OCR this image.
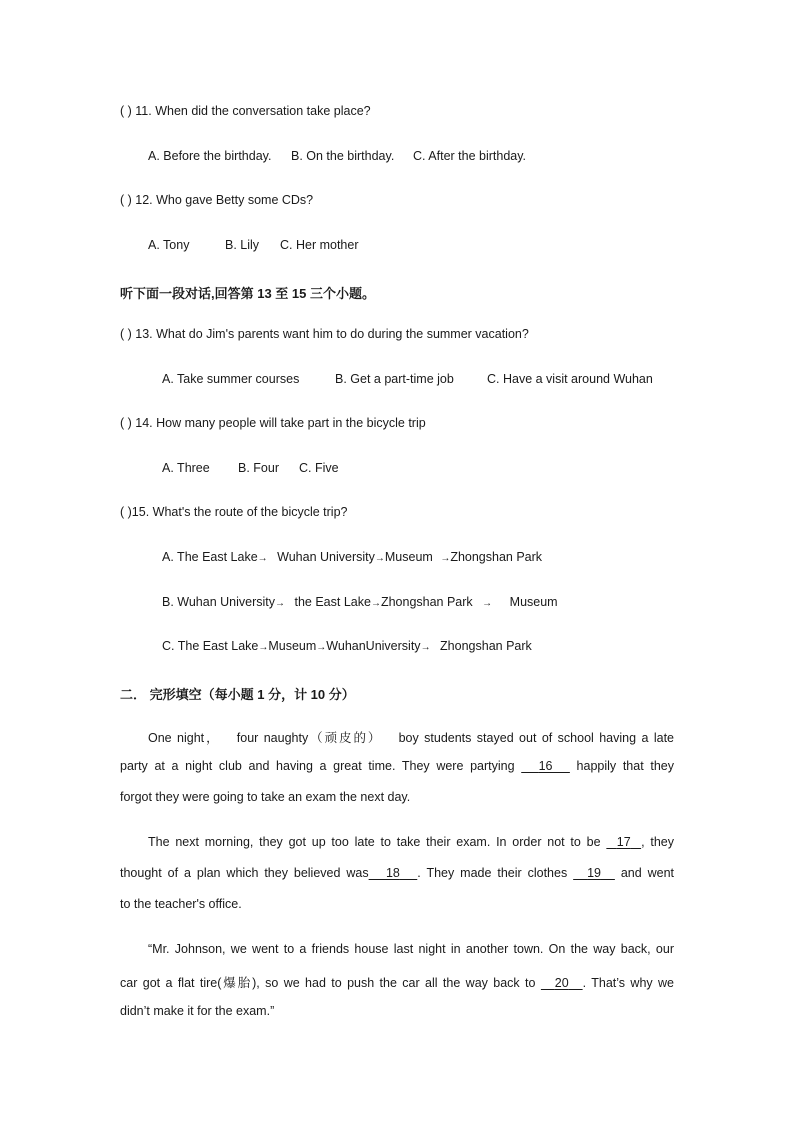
( ) 11. When did the conversation take place?
A. Before the birthday. B. On the birthday. C. After the birthday.
( ) 12. Who gave Betty some CDs?
A. Tony	B. Lily C. Her mother
听下面一段对话,回答第 13 至 15 三个小题。
( ) 13. What do Jim's parents want him to do during the summer vacation?
A. Take summer courses	B. Get a part-time job	C. Have a visit around Wuhan
( ) 14. How many people will take part in the bicycle trip
A. Three B. Four C. Five
( )15. What's the route of the bicycle trip?
A. The East Lake→ Wuhan University→Museum →Zhongshan Park
B. Wuhan University→ the East Lake→Zhongshan Park → Museum
C. The East Lake→Museum→WuhanUniversity→ Zhongshan Park
二． 完形填空（每小题 1 分，计 10 分）
One night，   four naughty（顽皮的）   boy students stayed out of school having a late
party at a night club and having a great time. They were partying 16 happily that they
forgot they were going to take an exam the next day.
The next morning, they got up too late to take their exam. In order not to be 17 , they
thought of a plan which they believed was 18 . They made their clothes 19 and went
to the teacher's office.
“Mr. Johnson, we went to a friends house last night in another town. On the way back, our
car got a flat tire(爆胎), so we had to push the car all the way back to 20 . That’s why we
didn’t make it for the exam.”
